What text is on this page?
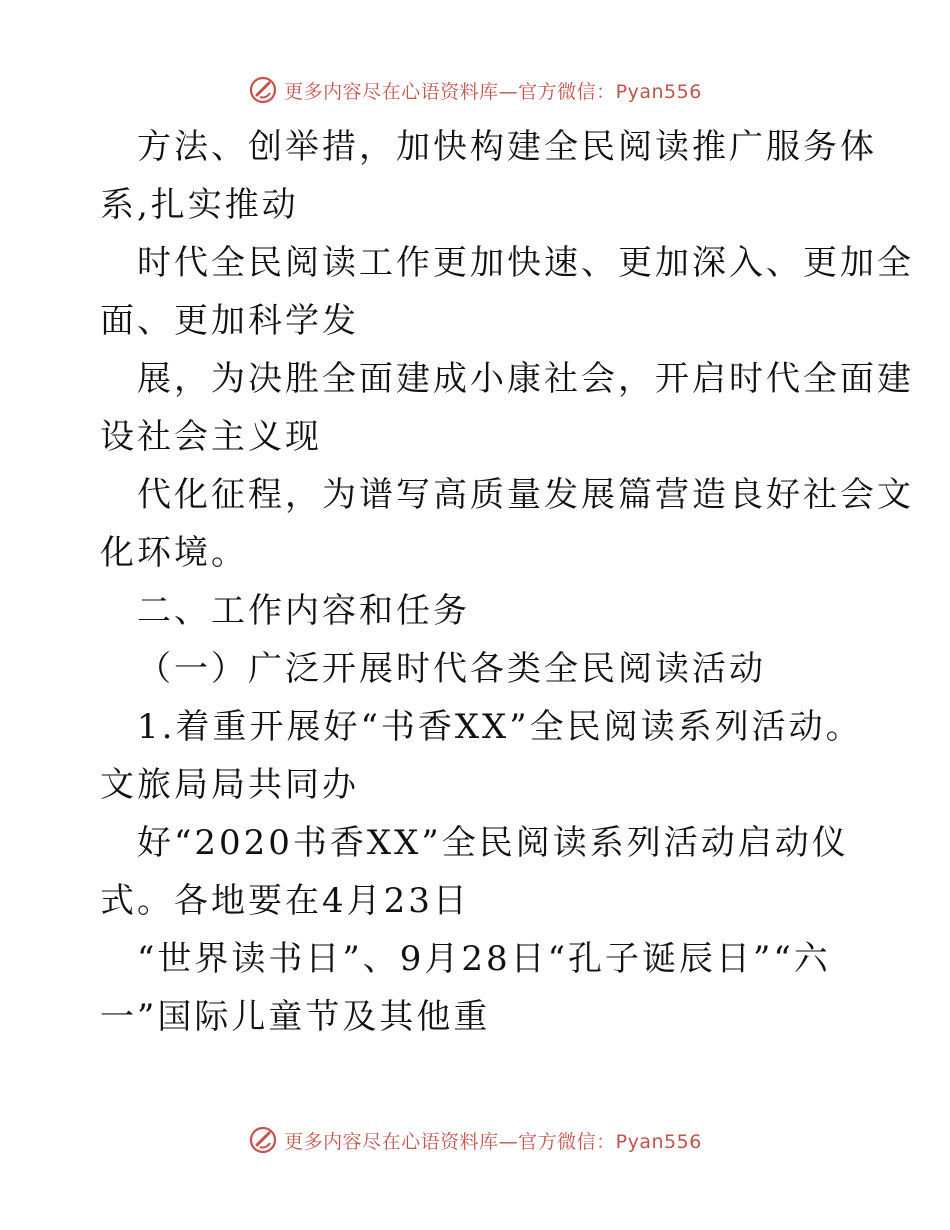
更多内容尽在心语资料库—官方微信：Pyan556
方法、创举措，加快构建全民阅读推广服务体
系,扎实推动
时代全民阅读工作更加快速、更加深入、更加全
面、更加科学发
展，为决胜全面建成小康社会，开启时代全面建
设社会主义现
代化征程，为谱写高质量发展篇营造良好社会文
化环境。
二、工作内容和任务
（一）广泛开展时代各类全民阅读活动
1.着重开展好“书香XX”全民阅读系列活动。
文旅局局共同办
好“2020书香XX”全民阅读系列活动启动仪
式。各地要在4月23日
“世界读书日”、9月28日“孔子诞辰日”“六
一”国际儿童节及其他重
更多内容尽在心语资料库—官方微信：Pyan556
